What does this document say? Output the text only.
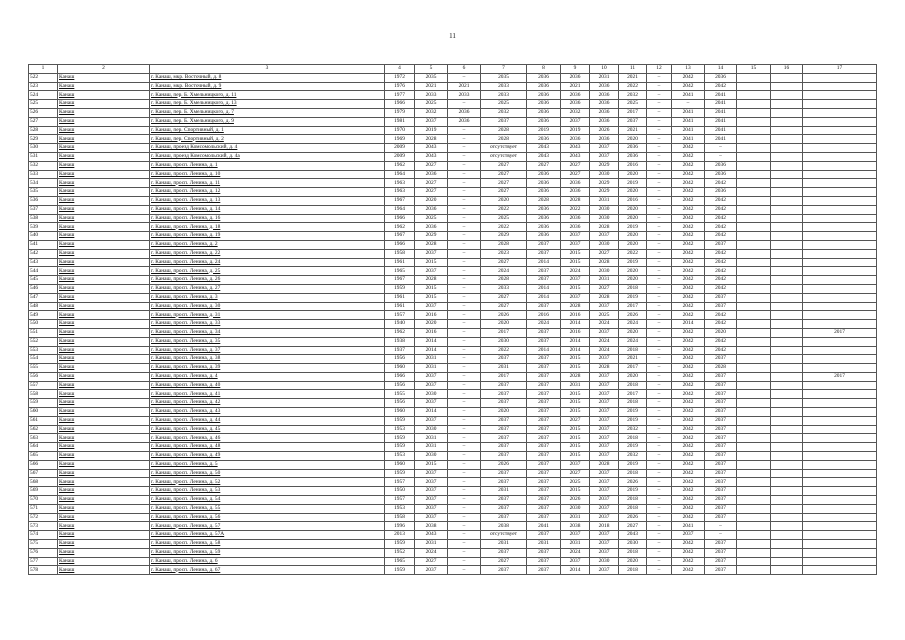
11
1	2	3	4	5	6	7	8	9	10	11	12	13	14	15	16	17
522	Канаш	г. Канаш, мкр. Восточный, д. 8	1972	2035	–	2035	2036	2036	2031	2021	–	2042	2036			
523	Канаш	г. Канаш, мкр. Восточный, д. 9	1976	2021	2021	2033	2036	2021	2036	2022	–	2042	2042			
524	Канаш	г. Канаш, пер. Б. Хмельницкого, д. 11	1977	2033	2033	2033	2036	2036	2036	2032	–	2041	2041			
525	Канаш	г. Канаш, пер. Б. Хмельницкого, д. 13	1966	2025	–	2025	2036	2036	2036	2025	–	–	2041			
526	Канаш	г. Канаш, пер. Б. Хмельницкого, д. 7	1979	2032	2036	2032	2036	2032	2036	2017	–	2041	2041			
527	Канаш	г. Канаш, пер. Б. Хмельницкого, д. 9	1981	2037	2036	2037	2036	2037	2036	2037	–	2041	2041			
528	Канаш	г. Канаш, пер. Спортивный, д. 1	1970	2019	–	2028	2019	2019	2026	2021	–	2041	2041			
529	Канаш	г. Канаш, пер. Спортивный, д. 2	1969	2028	–	2028	2036	2036	2036	2020	–	2041	2041			
530	Канаш	г. Канаш, проезд Комсомольский, д. 4	2009	2043	–	отсутствует	2043	2043	2037	2036	–	2042	–			
531	Канаш	г. Канаш, проезд Комсомольский, д. 4а	2009	2043	–	отсутствует	2043	2043	2037	2036	–	2042	–			
532	Канаш	г. Канаш, просп. Ленина, д. 1	1962	2027	–	2027	2027	2027	2029	2016	–	2042	2036			
533	Канаш	г. Канаш, просп. Ленина, д. 10	1964	2036	–	2027	2036	2027	2030	2020	–	2042	2036			
534	Канаш	г. Канаш, просп. Ленина, д. 11	1963	2027	–	2027	2036	2036	2029	2019	–	2042	2042			
535	Канаш	г. Канаш, просп. Ленина, д. 12	1963	2027	–	2027	2036	2036	2029	2020	–	2042	2036			
536	Канаш	г. Канаш, просп. Ленина, д. 13	1967	2020	–	2020	2028	2028	2031	2016	–	2042	2042			
537	Канаш	г. Канаш, просп. Ленина, д. 14	1964	2036	–	2022	2036	2022	2030	2020	–	2042	2042			
538	Канаш	г. Канаш, просп. Ленина, д. 16	1966	2025	–	2025	2036	2036	2030	2020	–	2042	2042			
539	Канаш	г. Канаш, просп. Ленина, д. 18	1962	2036	–	2022	2036	2036	2028	2019	–	2042	2042			
540	Канаш	г. Канаш, просп. Ленина, д. 19	1967	2029	–	2029	2036	2037	2037	2020	–	2042	2042			
541	Канаш	г. Канаш, просп. Ленина, д. 2	1966	2028	–	2028	2037	2037	2030	2020	–	2042	2037			
542	Канаш	г. Канаш, просп. Ленина, д. 22	1958	2037	–	2023	2037	2015	2027	2022	–	2042	2042			
543	Канаш	г. Канаш, просп. Ленина, д. 24	1961	2015	–	2027	2014	2015	2028	2019	–	2042	2042			
544	Канаш	г. Канаш, просп. Ленина, д. 25	1965	2037	–	2024	2037	2024	2030	2020	–	2042	2042			
545	Канаш	г. Канаш, просп. Ленина, д. 26	1967	2028	–	2028	2037	2037	2031	2020	–	2042	2042			
546	Канаш	г. Канаш, просп. Ленина, д. 27	1959	2015	–	2033	2014	2015	2027	2018	–	2042	2042			
547	Канаш	г. Канаш, просп. Ленина, д. 3	1961	2015	–	2027	2014	2037	2028	2019	–	2042	2037			
548	Канаш	г. Канаш, просп. Ленина, д. 30	1961	2037	–	2027	2037	2028	2037	2017	–	2042	2037			
549	Канаш	г. Канаш, просп. Ленина, д. 31	1957	2016	–	2026	2016	2016	2025	2026	–	2042	2042			
550	Канаш	г. Канаш, просп. Ленина, д. 33	1940	2020	–	2020	2024	2014	2024	2024	–	2014	2042			
551	Канаш	г. Канаш, просп. Ленина, д. 34	1962	2016	–	2017	2037	2016	2037	2020	–	2042	2020			2017
552	Канаш	г. Канаш, просп. Ленина, д. 35	1938	2014	–	2030	2037	2014	2024	2024	–	2042	2042			
553	Канаш	г. Канаш, просп. Ленина, д. 37	1937	2014	–	2022	2014	2014	2024	2018	–	2042	2042			
554	Канаш	г. Канаш, просп. Ленина, д. 38	1956	2031	–	2037	2037	2015	2037	2021	–	2042	2037			
555	Канаш	г. Канаш, просп. Ленина, д. 39	1960	2031	–	2031	2037	2015	2028	2017	–	2042	2028			
556	Канаш	г. Канаш, просп. Ленина, д. 4	1966	2037	–	2017	2037	2028	2037	2020	–	2042	2037			2017
557	Канаш	г. Канаш, просп. Ленина, д. 40	1956	2037	–	2037	2037	2031	2037	2018	–	2042	2037			
558	Канаш	г. Канаш, просп. Ленина, д. 41	1955	2030	–	2037	2037	2015	2037	2017	–	2042	2037			
559	Канаш	г. Канаш, просп. Ленина, д. 42	1956	2037	–	2037	2037	2015	2037	2018	–	2042	2037			
560	Канаш	г. Канаш, просп. Ленина, д. 43	1960	2014	–	2020	2037	2015	2037	2019	–	2042	2037			
561	Канаш	г. Канаш, просп. Ленина, д. 44	1959	2037	–	2037	2037	2027	2037	2019	–	2042	2037			
562	Канаш	г. Канаш, просп. Ленина, д. 45	1953	2030	–	2037	2037	2015	2037	2032	–	2042	2037			
563	Канаш	г. Канаш, просп. Ленина, д. 46	1959	2031	–	2037	2037	2015	2037	2018	–	2042	2037			
564	Канаш	г. Канаш, просп. Ленина, д. 48	1959	2031	–	2037	2037	2015	2037	2019	–	2042	2037			
565	Канаш	г. Канаш, просп. Ленина, д. 49	1953	2030	–	2037	2037	2015	2037	2032	–	2042	2037			
566	Канаш	г. Канаш, просп. Ленина, д. 5	1960	2015	–	2026	2037	2037	2028	2019	–	2042	2037			
567	Канаш	г. Канаш, просп. Ленина, д. 50	1959	2037	–	2037	2037	2027	2037	2018	–	2042	2037			
568	Канаш	г. Канаш, просп. Ленина, д. 52	1957	2037	–	2037	2037	2025	2037	2026	–	2042	2037			
569	Канаш	г. Канаш, просп. Ленина, д. 53	1950	2037	–	2031	2037	2015	2037	2019	–	2042	2037			
570	Канаш	г. Канаш, просп. Ленина, д. 54	1957	2037	–	2037	2037	2026	2037	2018	–	2042	2037			
571	Канаш	г. Канаш, просп. Ленина, д. 55	1953	2037	–	2037	2037	2030	2037	2018	–	2042	2037			
572	Канаш	г. Канаш, просп. Ленина, д. 56	1958	2037	–	2037	2037	2031	2037	2026	–	2042	2037			
573	Канаш	г. Канаш, просп. Ленина, д. 57	1996	2038	–	2038	2041	2038	2018	2027	–	2041	–			
574	Канаш	г. Канаш, просп. Ленина, д. 57А	2013	2043	–	отсутствует	2037	2037	2037	2043	–	2037	–			
575	Канаш	г. Канаш, просп. Ленина, д. 58	1959	2031	–	2031	2031	2031	2037	2030	–	2042	2037			
576	Канаш	г. Канаш, просп. Ленина, д. 59	1952	2024	–	2037	2037	2024	2037	2018	–	2042	2037			
577	Канаш	г. Канаш, просп. Ленина, д. 6	1965	2027	–	2027	2037	2037	2030	2020	–	2042	2037			
578	Канаш	г. Канаш, просп. Ленина, д. 67	1959	2037	–	2037	2037	2014	2037	2018	–	2042	2037			
